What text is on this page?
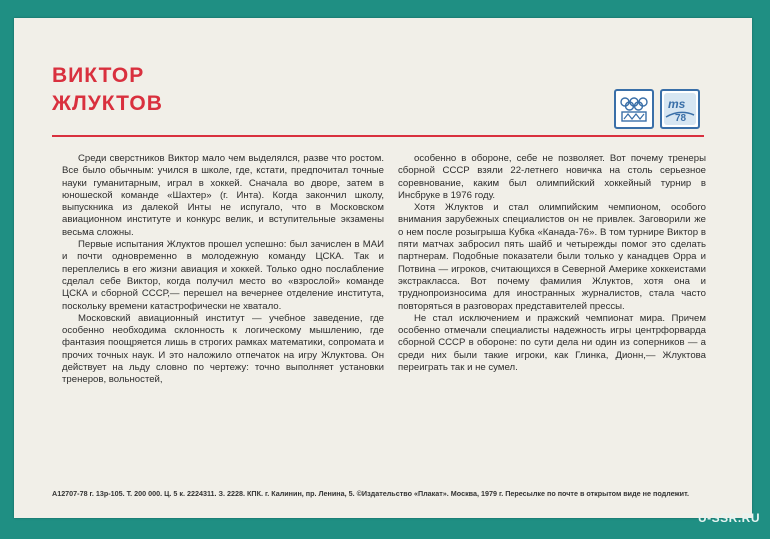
ВИКТОР
ЖЛУКТОВ	ms
78

Среди сверстников Виктор мало чем выделялся, разве что ростом. Все было обычным: учился в школе, где, кстати, предпочитал точные науки гуманитарным, играл в хоккей. Сначала во дворе, затем в юношеской команде «Шахтер» (г. Инта). Когда закончил школу, выпускника из далекой Инты не испугало, что в Московском авиационном институте и конкурс велик, и вступительные экзамены весьма сложны.

Первые испытания Жлуктов прошел успешно: был зачислен в МАИ и почти одновременно в молодежную команду ЦСКА. Так и переплелись в его жизни авиация и хоккей. Только одно послабление сделал себе Виктор, когда получил место во «взрослой» команде ЦСКА и сборной СССР,— перешел на вечернее отделение института, поскольку времени катастрофически не хватало.

Московский авиационный институт — учебное заведение, где особенно необходима склонность к логическому мышлению, где фантазия поощряется лишь в строгих рамках математики, сопромата и прочих точных наук. И это наложило отпечаток на игру Жлуктова. Он действует на льду словно по чертежу: точно выполняет установки тренеров, вольностей,

особенно в обороне, себе не позволяет. Вот почему тренеры сборной СССР взяли 22-летнего новичка на столь серьезное соревнование, каким был олимпийский хоккейный турнир в Инсбруке в 1976 году.

Хотя Жлуктов и стал олимпийским чемпионом, особого внимания зарубежных специалистов он не привлек. Заговорили же о нем после розыгрыша Кубка «Канада-76». В том турнире Виктор в пяти матчах забросил пять шайб и четырежды помог это сделать партнерам. Подобные показатели были только у канадцев Орра и Потвина — игроков, считающихся в Северной Америке хоккеистами экстракласса. Вот почему фамилия Жлуктов, хотя она и труднопроизносима для иностранных журналистов, стала часто повторяться в разговорах представителей прессы.

Не стал исключением и пражский чемпионат мира. Причем особенно отмечали специалисты надежность игры центрфорварда сборной СССР в обороне: по сути дела ни один из соперников — а среди них были такие игроки, как Глинка, Дионн,— Жлуктова переиграть так и не сумел.

А12707-78 г. 13р-105. Т. 200 000. Ц. 5 к. 2224311. З. 2228. КПК. г. Калинин, пр. Ленина, 5. ©Издательство «Плакат». Москва, 1979 г. Пересылке по почте в открытом виде не подлежит.
U-SSR.RU
